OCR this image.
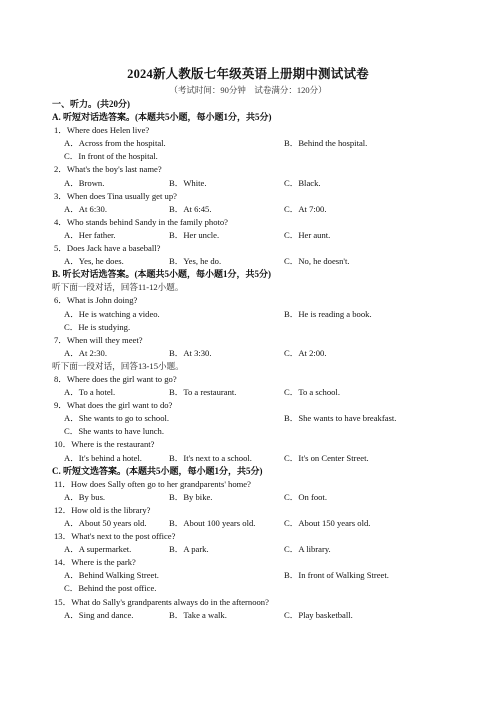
2024新人教版七年级英语上册期中测试试卷
（考试时间：90分钟　试卷满分：120分）
一、听力。(共20分)
A. 听短对话选答案。(本题共5小题，每小题1分，共5分)
1．Where does Helen live?
A．Across from the hospital.	B．Behind the hospital.
C．In front of the hospital.
2．What's the boy's last name?
A．Brown.	B．White.	C．Black.
3．When does Tina usually get up?
A．At 6:30.	B．At 6:45.	C．At 7:00.
4．Who stands behind Sandy in the family photo?
A．Her father.	B．Her uncle.	C．Her aunt.
5．Does Jack have a baseball?
A．Yes, he does.	B．Yes, he do.	C．No, he doesn't.
B. 听长对话选答案。(本题共5小题，每小题1分，共5分)
听下面一段对话，回答11-12小题。
6．What is John doing?
A．He is watching a video.	B．He is reading a book.
C．He is studying.
7．When will they meet?
A．At 2:30.	B．At 3:30.	C．At 2:00.
听下面一段对话，回答13-15小题。
8．Where does the girl want to go?
A．To a hotel.	B．To a restaurant.	C．To a school.
9．What does the girl want to do?
A．She wants to go to school.	B．She wants to have breakfast.
C．She wants to have lunch.
10．Where is the restaurant?
A．It's behind a hotel.	B．It's next to a school.	C．It's on Center Street.
C. 听短文选答案。(本题共5小题，每小题1分，共5分)
11．How does Sally often go to her grandparents' home?
A．By bus.	B．By bike.	C．On foot.
12．How old is the library?
A．About 50 years old.	B．About 100 years old.	C．About 150 years old.
13．What's next to the post office?
A．A supermarket.	B．A park.	C．A library.
14．Where is the park?
A．Behind Walking Street.	B．In front of Walking Street.
C．Behind the post office.
15．What do Sally's grandparents always do in the afternoon?
A．Sing and dance.	B．Take a walk.	C．Play basketball.
